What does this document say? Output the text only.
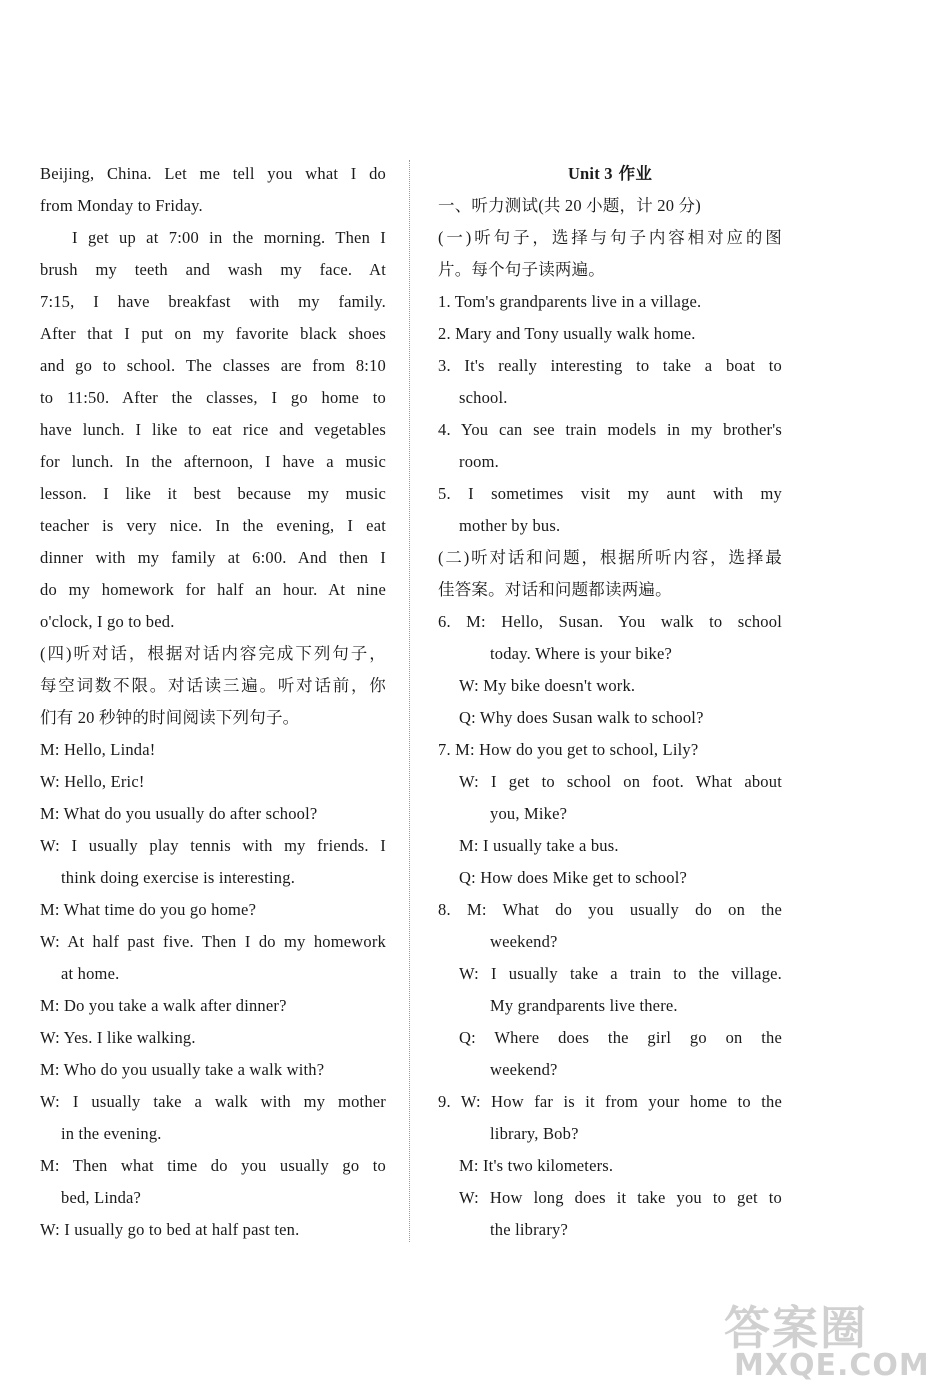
Beijing, China. Let me tell you what I do
from Monday to Friday.
I get up at 7:00 in the morning. Then I
brush my teeth and wash my face. At
7:15, I have breakfast with my family.
After that I put on my favorite black shoes
and go to school. The classes are from 8:10
to 11:50. After the classes, I go home to
have lunch. I like to eat rice and vegetables
for lunch. In the afternoon, I have a music
lesson. I like it best because my music
teacher is very nice. In the evening, I eat
dinner with my family at 6:00. And then I
do my homework for half an hour. At nine
o'clock, I go to bed.
(四)听对话，根据对话内容完成下列句子，
每空词数不限。对话读三遍。听对话前，你
们有 20 秒钟的时间阅读下列句子。
M: Hello, Linda!
W: Hello, Eric!
M: What do you usually do after school?
W: I usually play tennis with my friends. I
think doing exercise is interesting.
M: What time do you go home?
W: At half past five. Then I do my homework
at home.
M: Do you take a walk after dinner?
W: Yes. I like walking.
M: Who do you usually take a walk with?
W: I usually take a walk with my mother
in the evening.
M: Then what time do you usually go to
bed, Linda?
W: I usually go to bed at half past ten.
Unit 3 作业
一、听力测试(共 20 小题，计 20 分)
(一)听句子，选择与句子内容相对应的图
片。每个句子读两遍。
1. Tom's grandparents live in a village.
2. Mary and Tony usually walk home.
3. It's really interesting to take a boat to
school.
4. You can see train models in my brother's
room.
5. I sometimes visit my aunt with my
mother by bus.
(二)听对话和问题，根据所听内容，选择最
佳答案。对话和问题都读两遍。
6. M: Hello, Susan. You walk to school
today. Where is your bike?
W: My bike doesn't work.
Q: Why does Susan walk to school?
7. M: How do you get to school, Lily?
W: I get to school on foot. What about
you, Mike?
M: I usually take a bus.
Q: How does Mike get to school?
8. M: What do you usually do on the
weekend?
W: I usually take a train to the village.
My grandparents live there.
Q: Where does the girl go on the
weekend?
9. W: How far is it from your home to the
library, Bob?
M: It's two kilometers.
W: How long does it take you to get to
the library?
答案圈
MXQE.COM
